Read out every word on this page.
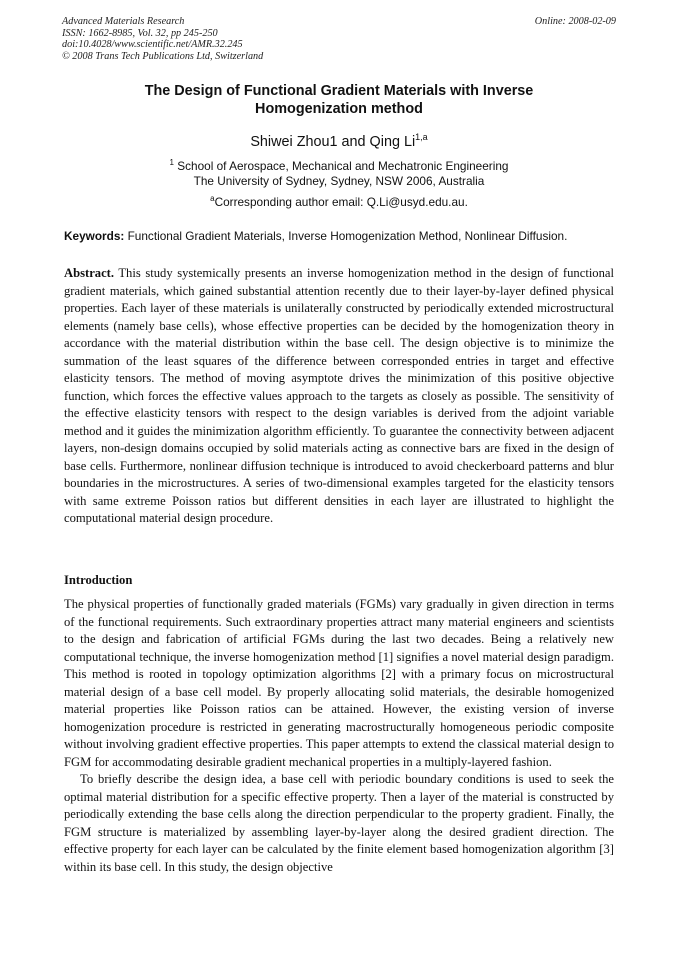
Advanced Materials Research
ISSN: 1662-8985, Vol. 32, pp 245-250
doi:10.4028/www.scientific.net/AMR.32.245
© 2008 Trans Tech Publications Ltd, Switzerland
Online: 2008-02-09
The Design of Functional Gradient Materials with Inverse
Homogenization method
Shiwei Zhou1 and Qing Li$^{1,a}$
$^1$ School of Aerospace, Mechanical and Mechatronic Engineering
The University of Sydney, Sydney, NSW 2006, Australia
$^a$Corresponding author email: Q.Li@usyd.edu.au.
Keywords: Functional Gradient Materials, Inverse Homogenization Method, Nonlinear Diffusion.
Abstract. This study systemically presents an inverse homogenization method in the design of functional gradient materials, which gained substantial attention recently due to their layer-by-layer defined physical properties. Each layer of these materials is unilaterally constructed by periodically extended microstructural elements (namely base cells), whose effective properties can be decided by the homogenization theory in accordance with the material distribution within the base cell. The design objective is to minimize the summation of the least squares of the difference between corresponded entries in target and effective elasticity tensors. The method of moving asymptote drives the minimization of this positive objective function, which forces the effective values approach to the targets as closely as possible. The sensitivity of the effective elasticity tensors with respect to the design variables is derived from the adjoint variable method and it guides the minimization algorithm efficiently. To guarantee the connectivity between adjacent layers, non-design domains occupied by solid materials acting as connective bars are fixed in the design of base cells. Furthermore, nonlinear diffusion technique is introduced to avoid checkerboard patterns and blur boundaries in the microstructures. A series of two-dimensional examples targeted for the elasticity tensors with same extreme Poisson ratios but different densities in each layer are illustrated to highlight the computational material design procedure.
Introduction

The physical properties of functionally graded materials (FGMs) vary gradually in given direction in terms of the functional requirements. Such extraordinary properties attract many material engineers and scientists to the design and fabrication of artificial FGMs during the last two decades. Being a relatively new computational technique, the inverse homogenization method [1] signifies a novel material design paradigm. This method is rooted in topology optimization algorithms [2] with a primary focus on microstructural material design of a base cell model. By properly allocating solid materials, the desirable homogenized material properties like Poisson ratios can be attained. However, the existing version of inverse homogenization procedure is restricted in generating macrostructurally homogeneous periodic composite without involving gradient effective properties. This paper attempts to extend the classical material design to FGM for accommodating desirable gradient mechanical properties in a multiply-layered fashion.

To briefly describe the design idea, a base cell with periodic boundary conditions is used to seek the optimal material distribution for a specific effective property. Then a layer of the material is constructed by periodically extending the base cells along the direction perpendicular to the property gradient. Finally, the FGM structure is materialized by assembling layer-by-layer along the desired gradient direction. The effective property for each layer can be calculated by the finite element based homogenization algorithm [3] within its base cell. In this study, the design objective
